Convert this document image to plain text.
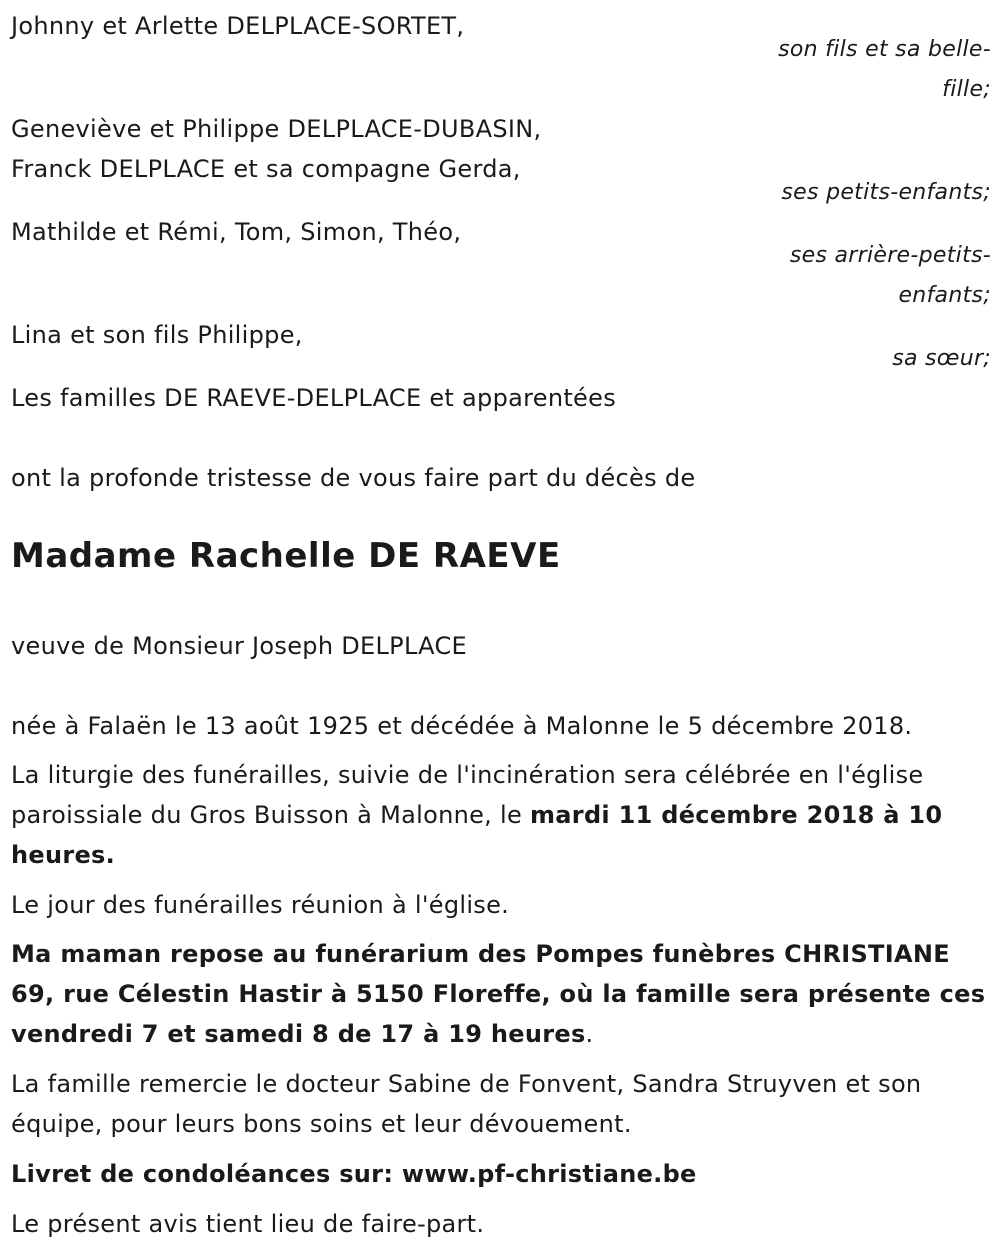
Johnny et Arlette DELPLACE-SORTET,
son fils et sa belle-
fille;
Geneviève et Philippe DELPLACE-DUBASIN,
Franck DELPLACE et sa compagne Gerda,
ses petits-enfants;
Mathilde et Rémi, Tom, Simon, Théo,
ses arrière-petits-
enfants;
Lina et son fils Philippe,
sa sœur;
Les familles DE RAEVE-DELPLACE et apparentées
ont la profonde tristesse de vous faire part du décès de
Madame Rachelle DE RAEVE
veuve de Monsieur Joseph DELPLACE
née à Falaën le 13 août 1925 et décédée à Malonne le 5 décembre 2018.
La liturgie des funérailles, suivie de l'incinération sera célébrée en l'église paroissiale du Gros Buisson à Malonne, le mardi 11 décembre 2018 à 10 heures.
Le jour des funérailles réunion à l'église.
Ma maman repose au funérarium des Pompes funèbres CHRISTIANE 69, rue Célestin Hastir à 5150 Floreffe, où la famille sera présente ces vendredi 7 et samedi 8 de 17 à 19 heures.
La famille remercie le docteur Sabine de Fonvent, Sandra Struyven et son équipe, pour leurs bons soins et leur dévouement.
Livret de condoléances sur: www.pf-christiane.be
Le présent avis tient lieu de faire-part.
